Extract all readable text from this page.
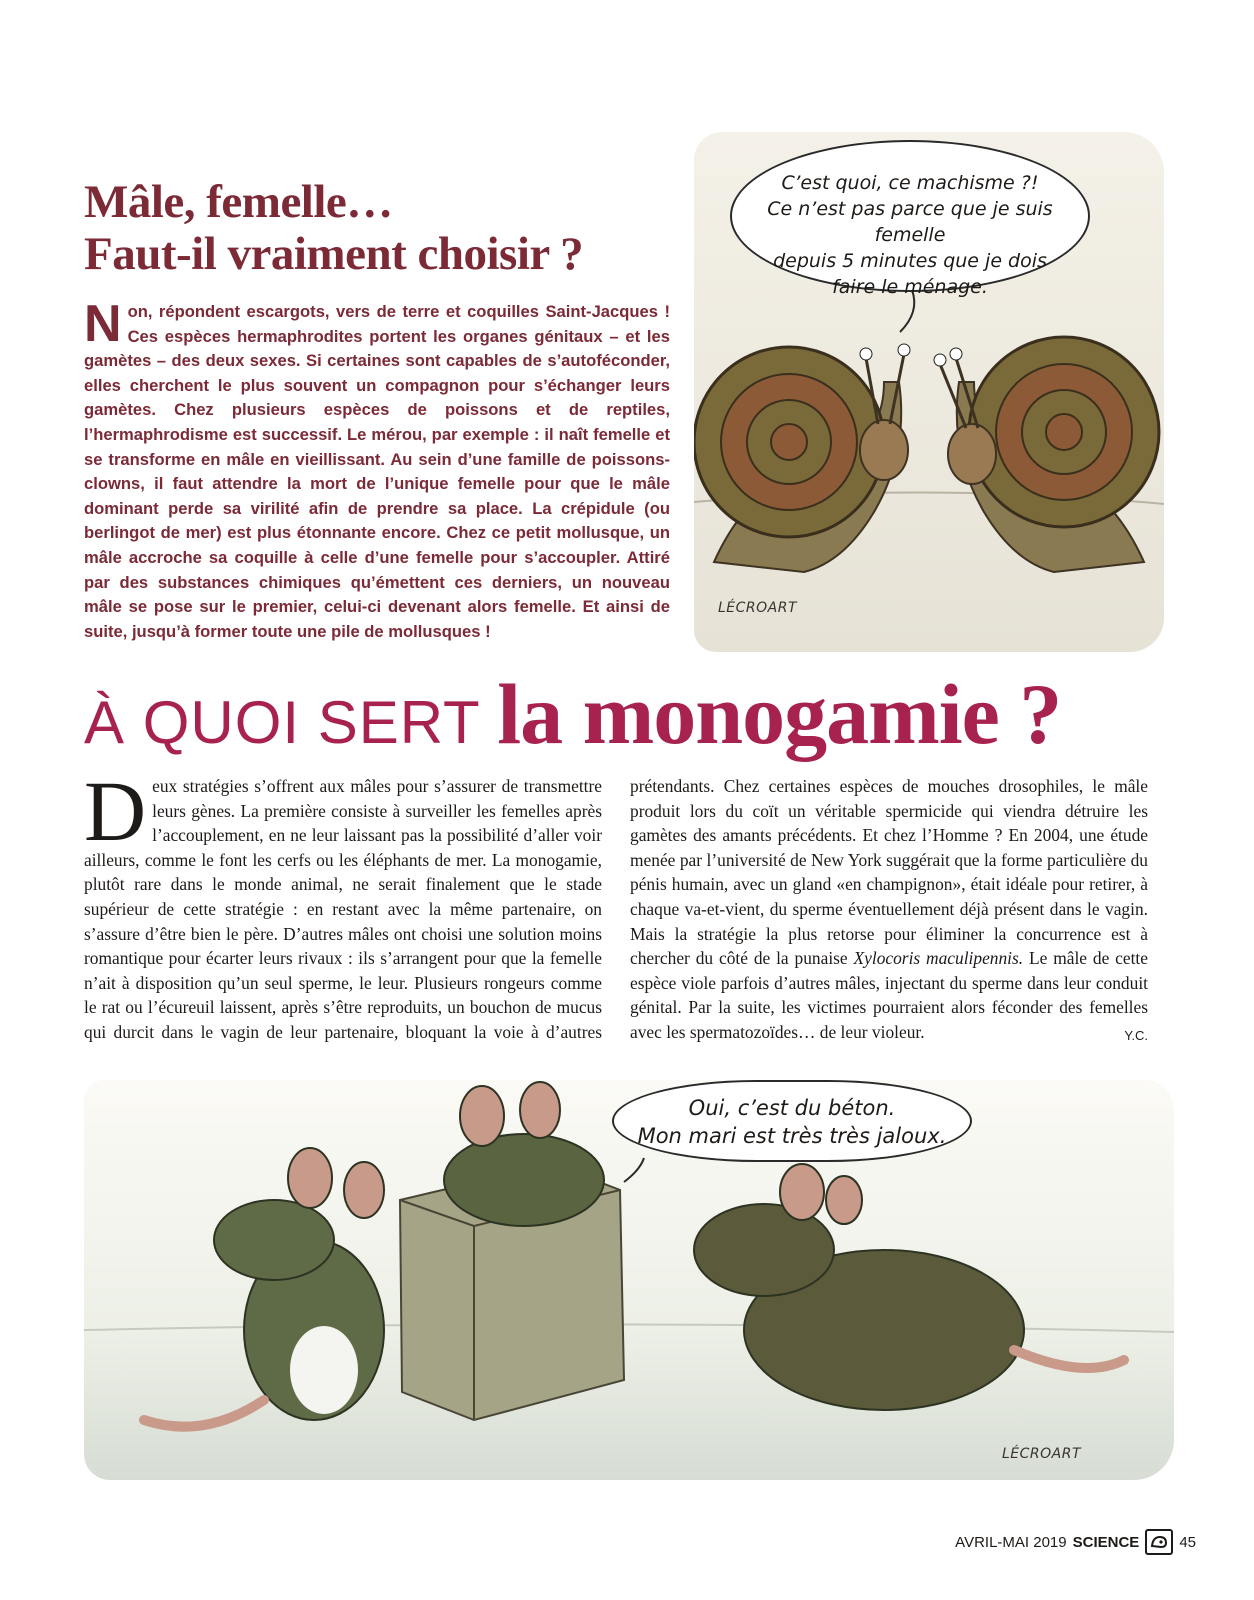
Mâle, femelle…
Faut-il vraiment choisir ?

Non, répondent escargots, vers de terre et coquilles Saint-Jacques ! Ces espèces hermaphrodites portent les organes génitaux – et les gamètes – des deux sexes. Si certaines sont capables de s’autoféconder, elles cherchent le plus souvent un compagnon pour s’échanger leurs gamètes. Chez plusieurs espèces de poissons et de reptiles, l’hermaphrodisme est successif. Le mérou, par exemple : il naît femelle et se transforme en mâle en vieillissant. Au sein d’une famille de poissons-clowns, il faut attendre la mort de l’unique femelle pour que le mâle dominant perde sa virilité afin de prendre sa place. La crépidule (ou berlingot de mer) est plus étonnante encore. Chez ce petit mollusque, un mâle accroche sa coquille à celle d’une femelle pour s’accoupler. Attiré par des substances chimiques qu’émettent ces derniers, un nouveau mâle se pose sur le premier, celui-ci devenant alors femelle. Et ainsi de suite, jusqu’à former toute une pile de mollusques !

C’est quoi, ce machisme ?!
Ce n’est pas parce que je suis femelle
depuis 5 minutes que je dois
faire le ménage.
LÉCROART
À QUOI SERT la monogamie ?
Deux stratégies s’offrent aux mâles pour s’assurer de transmettre leurs gènes. La première consiste à surveiller les femelles après l’accouplement, en ne leur laissant pas la possibilité d’aller voir ailleurs, comme le font les cerfs ou les éléphants de mer. La monogamie, plutôt rare dans le monde animal, ne serait finalement que le stade supérieur de cette stratégie : en restant avec la même partenaire, on s’assure d’être bien le père. D’autres mâles ont choisi une solution moins romantique pour écarter leurs rivaux : ils s’arrangent pour que la femelle n’ait à disposition qu’un seul sperme, le leur. Plusieurs rongeurs comme le rat ou l’écureuil laissent, après s’être reproduits, un bouchon de mucus qui durcit dans le vagin de leur partenaire, bloquant la voie à d’autres prétendants. Chez certaines espèces de mouches drosophiles, le mâle produit lors du coït un véritable spermicide qui viendra détruire les gamètes des amants précédents. Et chez l’Homme ? En 2004, une étude menée par l’université de New York suggérait que la forme particulière du pénis humain, avec un gland «en champignon», était idéale pour retirer, à chaque va-et-vient, du sperme éventuellement déjà présent dans le vagin. Mais la stratégie la plus retorse pour éliminer la concurrence est à chercher du côté de la punaise Xylocoris maculipennis. Le mâle de cette espèce viole parfois d’autres mâles, injectant du sperme dans leur conduit génital. Par la suite, les victimes pourraient alors féconder des femelles avec les spermatozoïdes… de leur violeur.	Y.C.
Oui, c’est du béton.
Mon mari est très très jaloux.
LÉCROART
AVRIL-MAI 2019 SCIENCE	45
